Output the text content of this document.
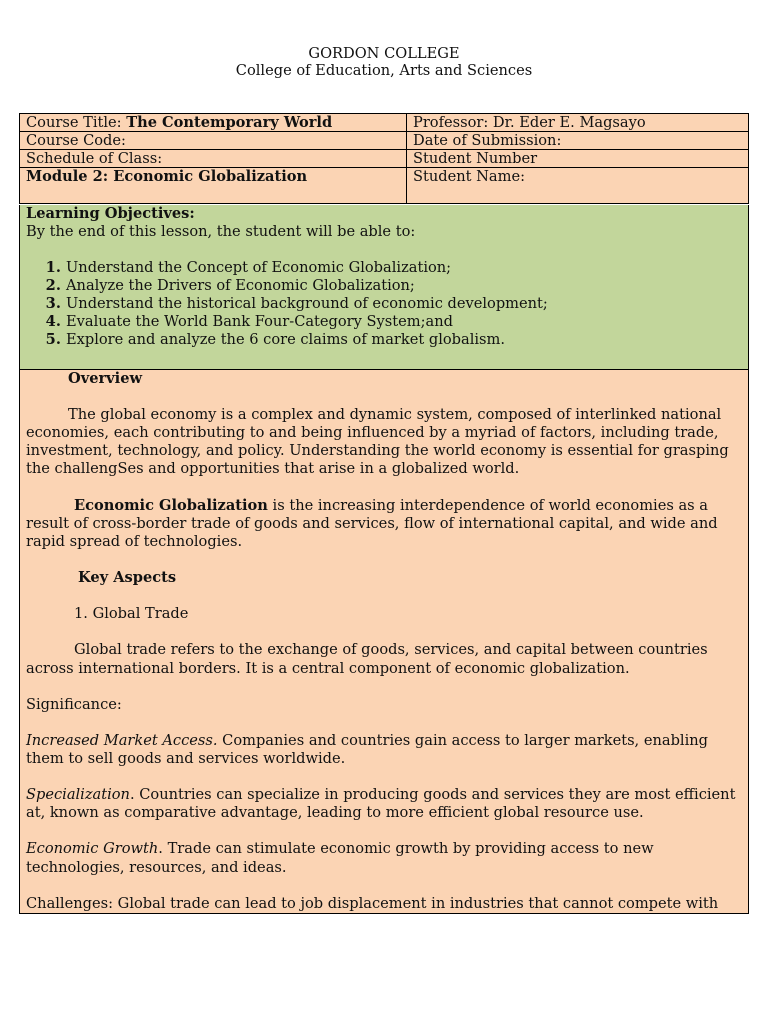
GORDON COLLEGE
College of Education, Arts and Sciences
Course Title: The Contemporary World	Professor: Dr. Eder E. Magsayo
Course Code:	Date of Submission:
Schedule of Class:	Student Number
Module 2: Economic Globalization	Student Name:
Learning Objectives:
By the end of this lesson, the student will be able to:
1. Understand the Concept of Economic Globalization;
2. Analyze the Drivers of Economic Globalization;
3. Understand the historical background of economic development;
4. Evaluate the World Bank Four-Category System;and
5. Explore and analyze the 6 core claims of market globalism.

Overview

The global economy is a complex and dynamic system, composed of interlinked national economies, each contributing to and being influenced by a myriad of factors, including trade, investment, technology, and policy. Understanding the world economy is essential for grasping the challengSes and opportunities that arise in a globalized world.

Economic Globalization is the increasing interdependence of world economies as a result of cross-border trade of goods and services, flow of international capital, and wide and rapid spread of technologies.

Key Aspects

1. Global Trade

Global trade refers to the exchange of goods, services, and capital between countries across international borders. It is a central component of economic globalization.

Significance:

Increased Market Access. Companies and countries gain access to larger markets, enabling them to sell goods and services worldwide.

Specialization. Countries can specialize in producing goods and services they are most efficient at, known as comparative advantage, leading to more efficient global resource use.

Economic Growth. Trade can stimulate economic growth by providing access to new technologies, resources, and ideas.

Challenges: Global trade can lead to job displacement in industries that cannot compete with
